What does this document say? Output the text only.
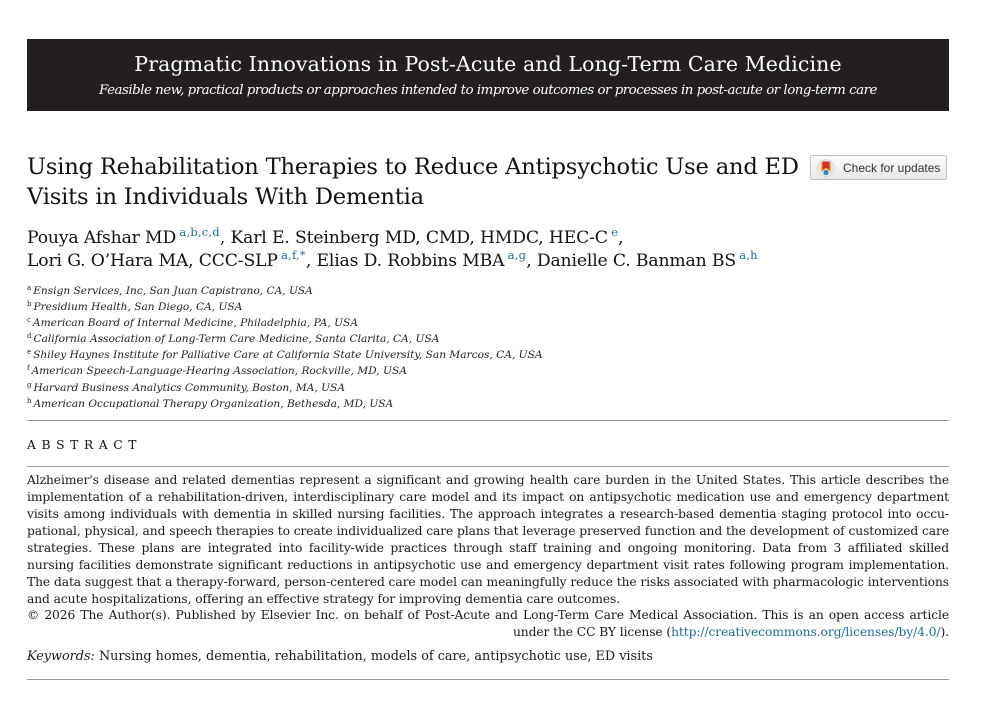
Pragmatic Innovations in Post-Acute and Long-Term Care Medicine
Feasible new, practical products or approaches intended to improve outcomes or processes in post-acute or long-term care
Using Rehabilitation Therapies to Reduce Antipsychotic Use and ED Visits in Individuals With Dementia
Check for updates
Pouya Afshar MD  $^{a,b,c,d}$, Karl E. Steinberg MD, CMD, HMDC, HEC-C  $^e$,
Lori G. O’Hara MA, CCC-SLP  $^{a,f,*}$, Elias D. Robbins MBA  $^{a,g}$, Danielle C. Banman BS  $^{a,h}$
$^a$ Ensign Services, Inc, San Juan Capistrano, CA, USA
$^b$ Presidium Health, San Diego, CA, USA
$^c$ American Board of Internal Medicine, Philadelphia, PA, USA
$^d$ California Association of Long-Term Care Medicine, Santa Clarita, CA, USA
$^e$ Shiley Haynes Institute for Palliative Care at California State University, San Marcos, CA, USA
$^f$ American Speech-Language-Hearing Association, Rockville, MD, USA
$^g$ Harvard Business Analytics Community, Boston, MA, USA
$^h$ American Occupational Therapy Organization, Bethesda, MD, USA
ABSTRACT
Alzheimer's disease and related dementias represent a significant and growing health care burden in the United States. This article describes the implementation of a rehabilitation-driven, interdisciplinary care model and its impact on antipsychotic medication use and emergency department visits among individuals with dementia in skilled nursing facilities. The approach integrates a research-based dementia staging protocol into occupational, physical, and speech therapies to create individualized care plans that leverage preserved function and the development of customized care strategies. These plans are integrated into facility-wide practices through staff training and ongoing monitoring. Data from 3 affiliated skilled nursing facilities demonstrate significant reductions in antipsychotic use and emergency department visit rates following program implementation. The data suggest that a therapy-forward, person-centered care model can meaningfully reduce the risks associated with pharmacologic interventions and acute hospitalizations, offering an effective strategy for improving dementia care outcomes.
© 2026 The Author(s). Published by Elsevier Inc. on behalf of Post-Acute and Long-Term Care Medical Association. This is an open access article under the CC BY license (http://creativecommons.org/licenses/by/4.0/).
Keywords: Nursing homes, dementia, rehabilitation, models of care, antipsychotic use, ED visits
